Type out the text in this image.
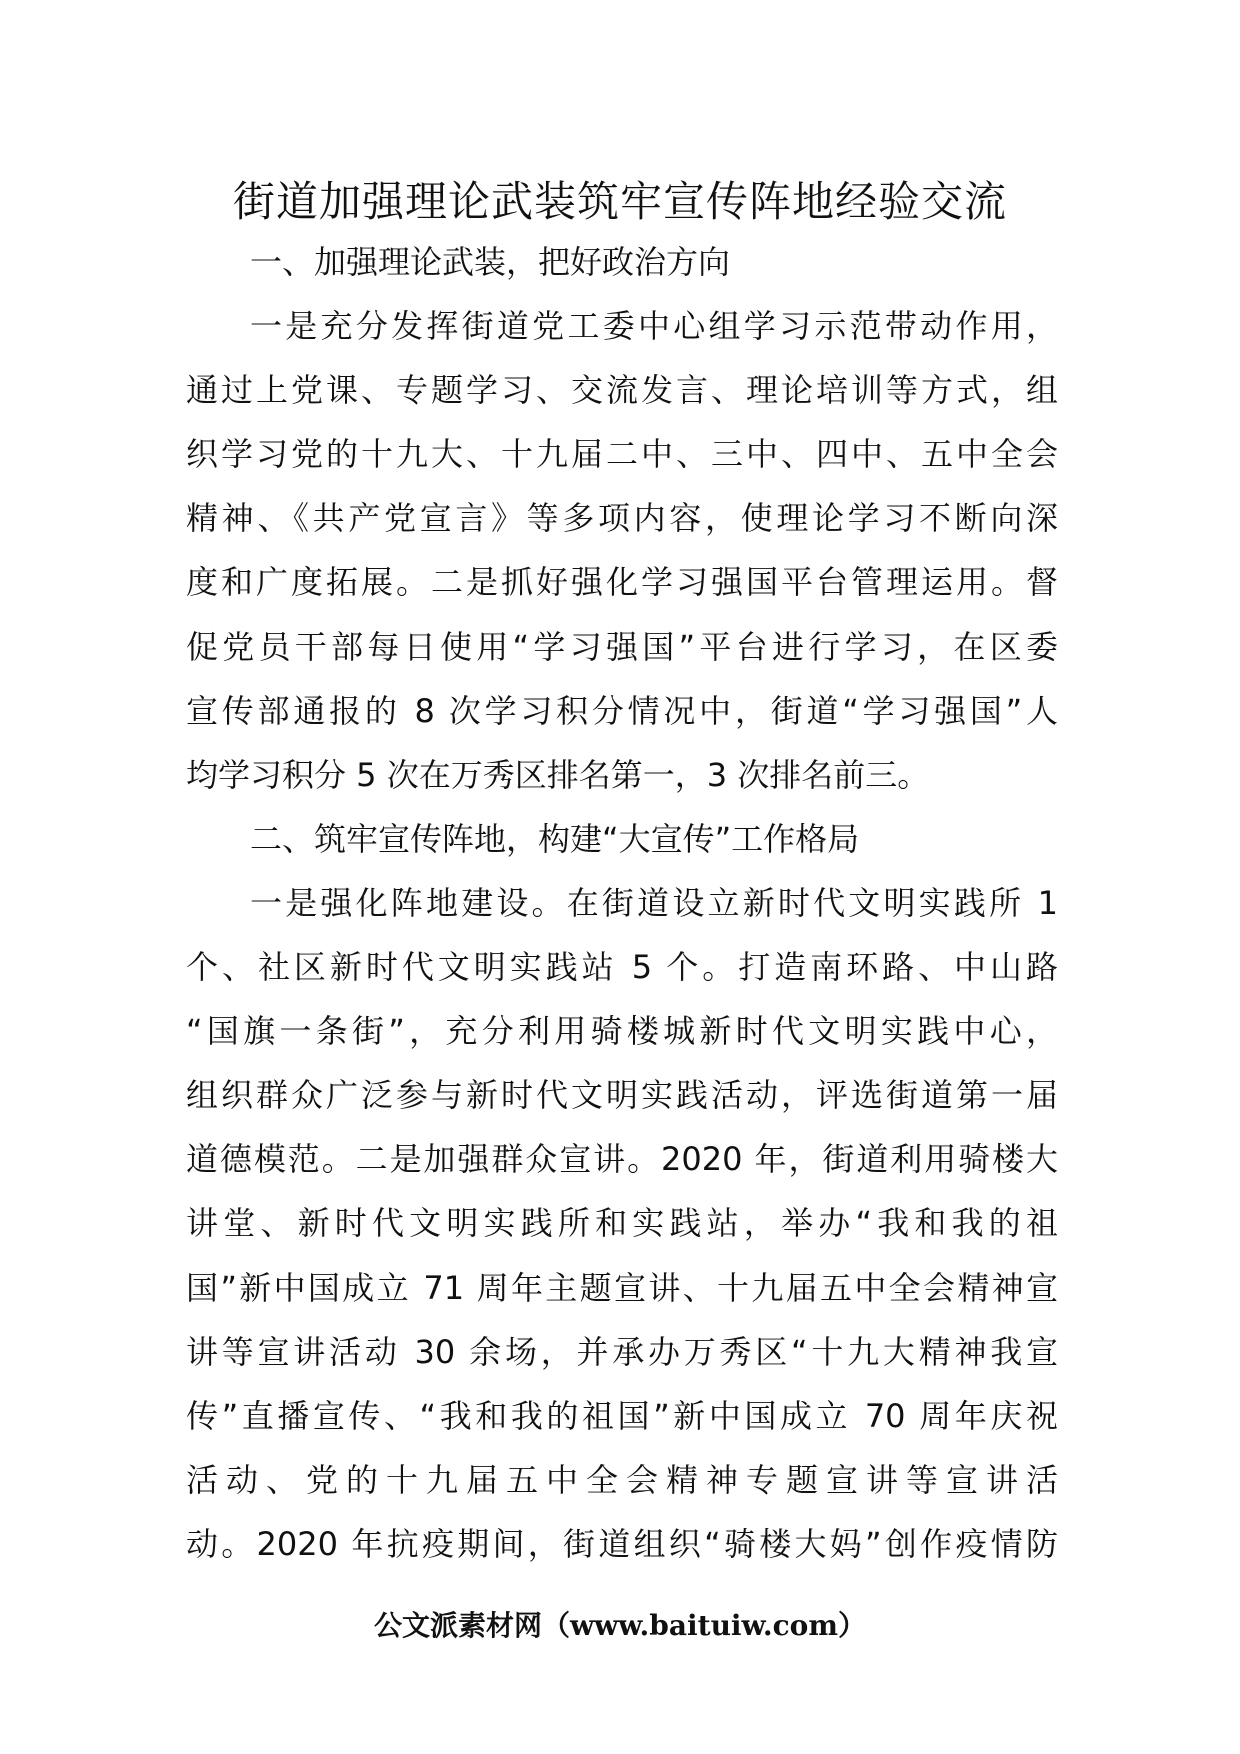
街道加强理论武装筑牢宣传阵地经验交流
一、加强理论武装，把好政治方向
一是充分发挥街道党工委中心组学习示范带动作用，
通过上党课、专题学习、交流发言、理论培训等方式，组
织学习党的十九大、十九届二中、三中、四中、五中全会
精神、《共产党宣言》等多项内容，使理论学习不断向深
度和广度拓展。二是抓好强化学习强国平台管理运用。督
促党员干部每日使用“学习强国”平台进行学习，在区委
宣传部通报的 8 次学习积分情况中，街道“学习强国”人
均学习积分 5 次在万秀区排名第一，3 次排名前三。
二、筑牢宣传阵地，构建“大宣传”工作格局
一是强化阵地建设。在街道设立新时代文明实践所 1
个、社区新时代文明实践站 5 个。打造南环路、中山路
“国旗一条街”，充分利用骑楼城新时代文明实践中心，
组织群众广泛参与新时代文明实践活动，评选街道第一届
道德模范。二是加强群众宣讲。2020 年，街道利用骑楼大
讲堂、新时代文明实践所和实践站，举办“我和我的祖
国”新中国成立 71 周年主题宣讲、十九届五中全会精神宣
讲等宣讲活动 30 余场，并承办万秀区“十九大精神我宣
传”直播宣传、“我和我的祖国”新中国成立 70 周年庆祝
活动、党的十九届五中全会精神专题宣讲等宣讲活
动。2020 年抗疫期间，街道组织“骑楼大妈”创作疫情防
公文派素材网（www.baituiw.com）
